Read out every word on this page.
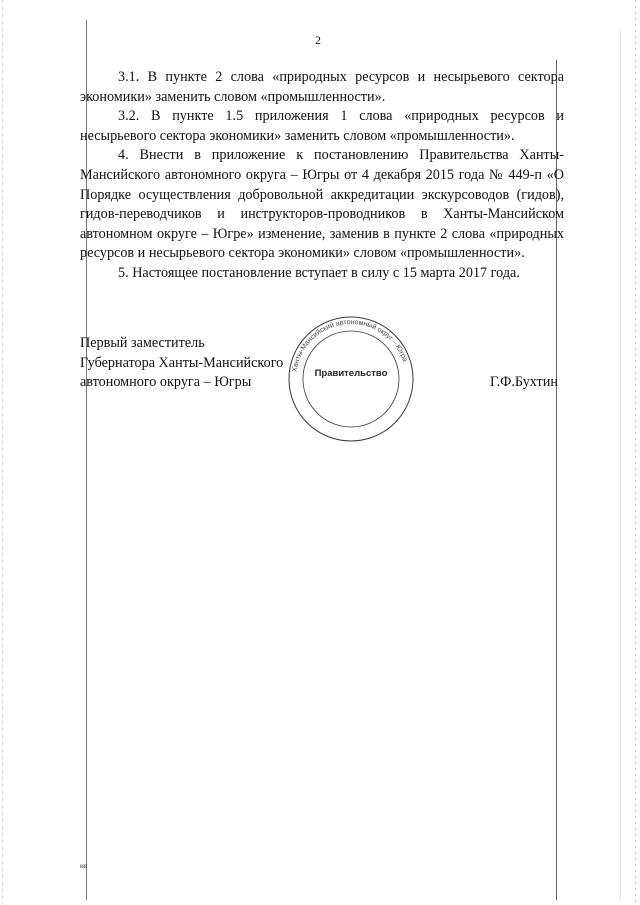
2

3.1. В пункте 2 слова «природных ресурсов и несырьевого сектора экономики» заменить словом «промышленности».

3.2. В пункте 1.5 приложения 1 слова «природных ресурсов и несырьевого сектора экономики» заменить словом «промышленности».

4. Внести в приложение к постановлению Правительства Ханты-Мансийского автономного округа – Югры от 4 декабря 2015 года № 449-п «О Порядке осуществления добровольной аккредитации экскурсоводов (гидов), гидов-переводчиков и инструкторов-проводников в Ханты-Мансийском автономном округе – Югре» изменение, заменив в пункте 2 слова «природных ресурсов и несырьевого сектора экономики» словом «промышленности».

5. Настоящее постановление вступает в силу с 15 марта 2017 года.

Первый заместитель
Губернатора Ханты-Мансийского
автономного округа – Югры	Г.Ф.Бухтин
Ханты-Мансийский автономный округ – Югра
Правительство
ив
